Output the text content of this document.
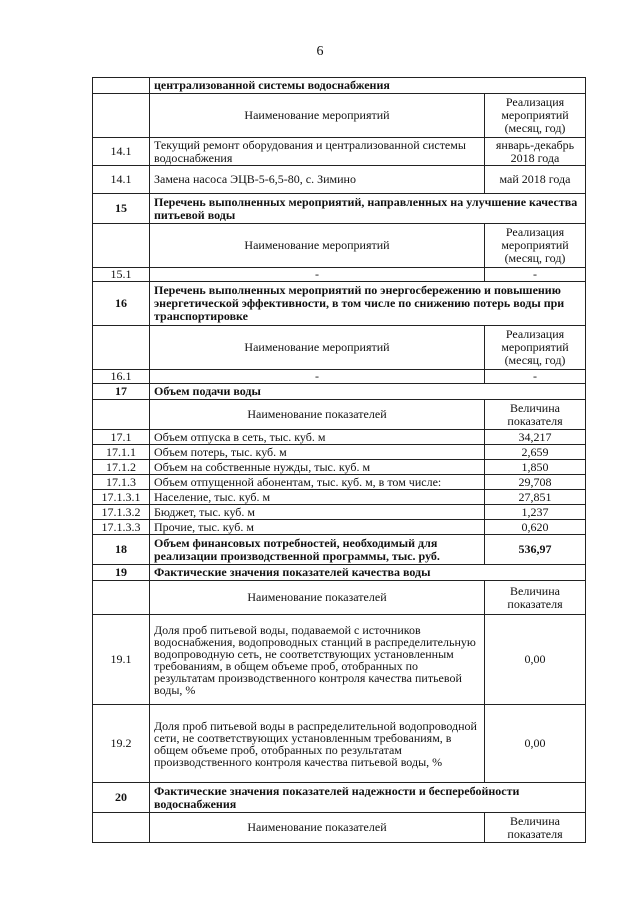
6
	централизованной системы водоснабжения	
	Наименование мероприятий	Реализация мероприятий (месяц, год)
14.1	Текущий ремонт оборудования и централизованной системы водоснабжения	январь-декабрь 2018 года
14.1	Замена насоса ЭЦВ-5-6,5-80, с. Зимино	май 2018 года
15	Перечень выполненных мероприятий, направленных на улучшение качества питьевой воды	
	Наименование мероприятий	Реализация мероприятий (месяц, год)
15.1	-	-
16	Перечень выполненных мероприятий по энергосбережению и повышению энергетической эффективности, в том числе по снижению потерь воды при транспортировке	
	Наименование мероприятий	Реализация мероприятий (месяц, год)
16.1	-	-
17	Объем подачи воды	
	Наименование показателей	Величина показателя
17.1	Объем отпуска в сеть, тыс. куб. м	34,217
17.1.1	Объем потерь, тыс. куб. м	2,659
17.1.2	Объем на собственные нужды, тыс. куб. м	1,850
17.1.3	Объем отпущенной абонентам, тыс. куб. м, в том числе:	29,708
17.1.3.1	Население, тыс. куб. м	27,851
17.1.3.2	Бюджет, тыс. куб. м	1,237
17.1.3.3	Прочие, тыс. куб. м	0,620
18	Объем финансовых потребностей, необходимый для реализации производственной программы, тыс. руб.	536,97
19	Фактические значения показателей качества воды	
	Наименование показателей	Величина показателя
19.1	Доля проб питьевой воды, подаваемой с источников водоснабжения, водопроводных станций в распределительную водопроводную сеть, не соответствующих установленным требованиям, в общем объеме проб, отобранных по результатам производственного контроля качества питьевой воды, %	0,00
19.2	Доля проб питьевой воды в распределительной водопроводной сети, не соответствующих установленным требованиям, в общем объеме проб, отобранных по результатам производственного контроля качества питьевой воды, %	0,00
20	Фактические значения показателей надежности и бесперебойности водоснабжения	
	Наименование показателей	Величина показателя
